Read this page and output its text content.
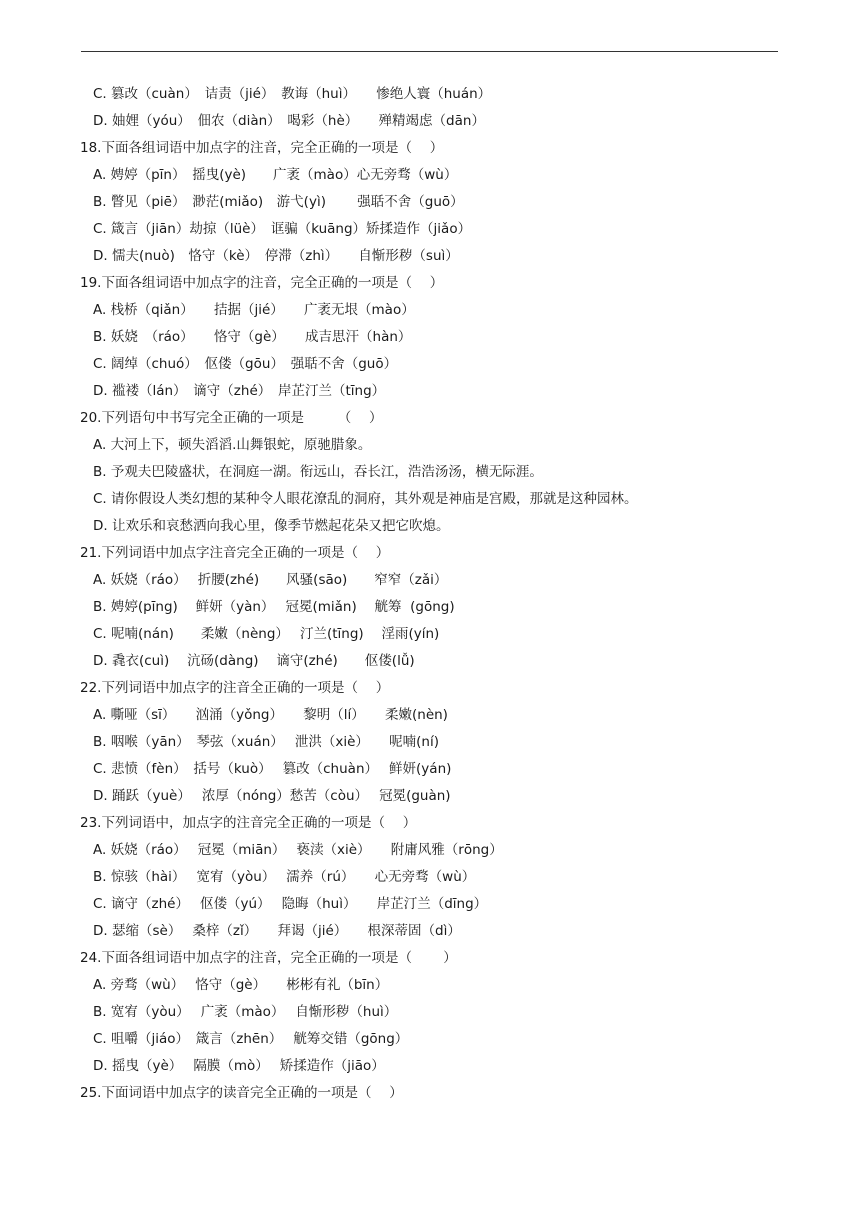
C. 篡改（cuàn）　诘责（jié）　教诲（huì）　　惨绝人寰（huán）
D. 妯娌（yóu）　佃农（diàn）　喝彩（hè）　　殚精竭虑（dān）
18.下面各组词语中加点字的注音，完全正确的一项是（　 ）
A. 娉婷（pīn）　摇曳(yè)　　广袤（mào）心无旁骛（wù）
B. 瞥见（piē）　渺茫(miǎo)　游弋(yì)　　 强聒不舍（guō）
C. 箴言（jiān）劫掠（lüè）　诓骗（kuāng）矫揉造作（jiǎo）
D. 懦夫(nuò)　恪守（kè）　停滞（zhì）　　自惭形秽（suì）
19.下面各组词语中加点字的注音，完全正确的一项是（　 ）
A. 栈桥（qiǎn）　　拮据（jié）　　广袤无垠（mào）
B. 妖娆　（ráo）　　恪守（gè）　　成吉思汗（hàn）
C. 阔绰（chuó）　伛偻（gōu）　强聒不舍（guō）
D. 褴褛（lán）　谪守（zhé）　岸芷汀兰（tīng）
20.下列语句中书写完全正确的一项是　　　（　 ）
A. 大河上下，顿失滔滔.山舞银蛇，原驰腊象。
B. 予观夫巴陵盛状，在洞庭一湖。衔远山，吞长江，浩浩汤汤，横无际涯。
C. 请你假设人类幻想的某种令人眼花潦乱的洞府，其外观是神庙是宫殿，那就是这种园林。
D. 让欢乐和哀愁洒向我心里，像季节燃起花朵又把它吹熄。
21.下列词语中加点字注音完全正确的一项是（　 ）
A. 妖娆（ráo）　 折腰(zhé)　　风骚(sāo)　　窄窄（zǎi）
B. 娉婷(pīng)　 鲜妍（yàn）　 冠冕(miǎn)　 觥筹  (gōng)
C. 呢喃(nán)　　柔嫩（nèng）　 汀兰(tīng)　 淫雨(yín)
D. 毳衣(cuì)　 沆砀(dàng)　 谪守(zhé)　　伛偻(lǚ)
22.下列词语中加点字的注音全正确的一项是（　 ）
A. 嘶哑（sī）　　汹涌（yǒng）　　黎明（lí）　　柔嫩(nèn)
B. 咽喉（yān）　琴弦（xuán）　 泄洪（xiè）　　呢喃(ní)
C. 悲愤（fèn）　括号（kuò）　 篡改（chuàn）　 鲜妍(yán)
D. 踊跃（yuè）　 浓厚（nóng）愁苦（còu）　 冠冕(guàn)
23.下列词语中，加点字的注音完全正确的一项是（　 ）
A. 妖娆（ráo）　 冠冕（miān）　 亵渎（xiè）　　附庸风雅（rōng）
B. 惊骇（hài）　 宽宥（yòu）　 濡养（rú）　　心无旁骛（wù）
C. 谪守（zhé）　 伛偻（yú）　 隐晦（huì）　　岸芷汀兰（dīng）
D. 瑟缩（sè）　 桑梓（zǐ）　　拜谒（jié）　　根深蒂固（dì）
24.下面各组词语中加点字的注音，完全正确的一项是（　　 ）
A. 旁骛（wù）　 恪守（gè）　　彬彬有礼（bīn）
B. 宽宥（yòu）　 广袤（mào）　 自惭形秽（huì）
C. 咀嚼（jiáo）　箴言（zhēn）　 觥筹交错（gōng）
D. 摇曳（yè）　 隔膜（mò）　 矫揉造作（jiāo）
25.下面词语中加点字的读音完全正确的一项是（　 ）
